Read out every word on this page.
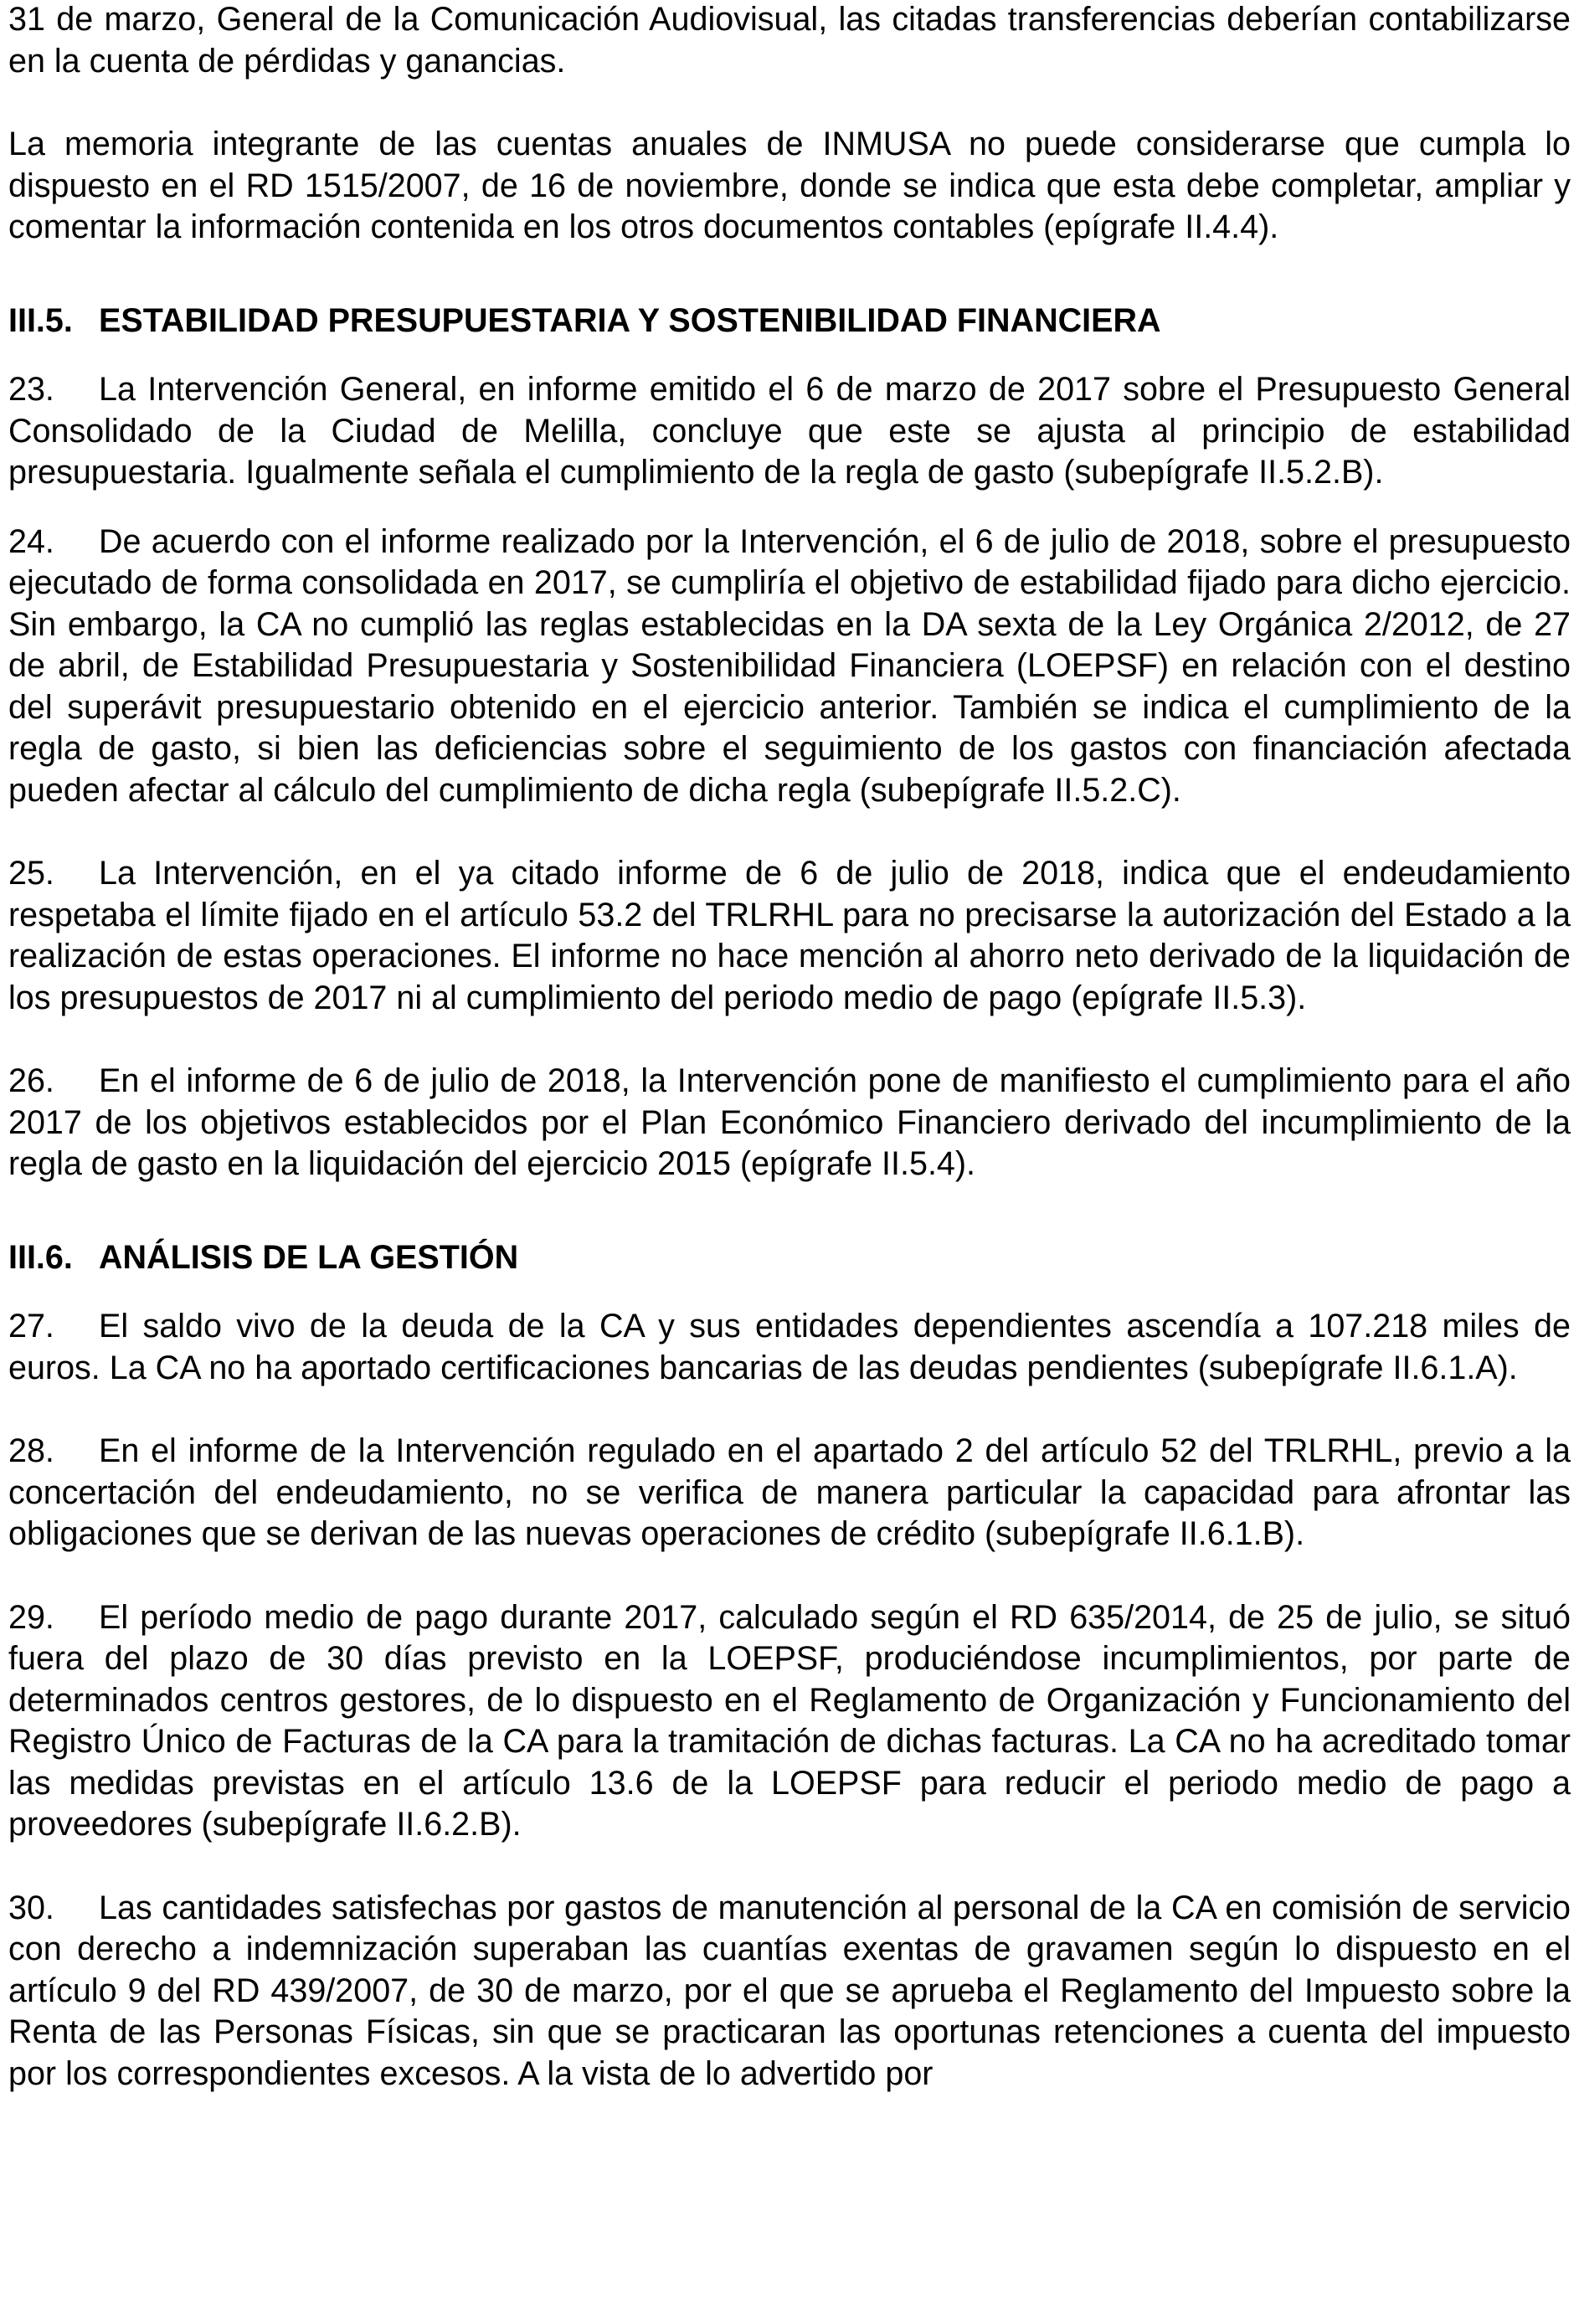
31 de marzo, General de la Comunicación Audiovisual, las citadas transferencias deberían contabilizarse en la cuenta de pérdidas y ganancias.

La memoria integrante de las cuentas anuales de INMUSA no puede considerarse que cumpla lo dispuesto en el RD 1515/2007, de 16 de noviembre, donde se indica que esta debe completar, ampliar y comentar la información contenida en los otros documentos contables (epígrafe II.4.4).

III.5. ESTABILIDAD PRESUPUESTARIA Y SOSTENIBILIDAD FINANCIERA

23. La Intervención General, en informe emitido el 6 de marzo de 2017 sobre el Presupuesto General Consolidado de la Ciudad de Melilla, concluye que este se ajusta al principio de estabilidad presupuestaria. Igualmente señala el cumplimiento de la regla de gasto (subepígrafe II.5.2.B).

24. De acuerdo con el informe realizado por la Intervención, el 6 de julio de 2018, sobre el presupuesto ejecutado de forma consolidada en 2017, se cumpliría el objetivo de estabilidad fijado para dicho ejercicio. Sin embargo, la CA no cumplió las reglas establecidas en la DA sexta de la Ley Orgánica 2/2012, de 27 de abril, de Estabilidad Presupuestaria y Sostenibilidad Financiera (LOEPSF) en relación con el destino del superávit presupuestario obtenido en el ejercicio anterior. También se indica el cumplimiento de la regla de gasto, si bien las deficiencias sobre el seguimiento de los gastos con financiación afectada pueden afectar al cálculo del cumplimiento de dicha regla (subepígrafe II.5.2.C).

25. La Intervención, en el ya citado informe de 6 de julio de 2018, indica que el endeudamiento respetaba el límite fijado en el artículo 53.2 del TRLRHL para no precisarse la autorización del Estado a la realización de estas operaciones. El informe no hace mención al ahorro neto derivado de la liquidación de los presupuestos de 2017 ni al cumplimiento del periodo medio de pago (epígrafe II.5.3).

26. En el informe de 6 de julio de 2018, la Intervención pone de manifiesto el cumplimiento para el año 2017 de los objetivos establecidos por el Plan Económico Financiero derivado del incumplimiento de la regla de gasto en la liquidación del ejercicio 2015 (epígrafe II.5.4).

III.6. ANÁLISIS DE LA GESTIÓN

27. El saldo vivo de la deuda de la CA y sus entidades dependientes ascendía a 107.218 miles de euros. La CA no ha aportado certificaciones bancarias de las deudas pendientes (subepígrafe II.6.1.A).

28. En el informe de la Intervención regulado en el apartado 2 del artículo 52 del TRLRHL, previo a la concertación del endeudamiento, no se verifica de manera particular la capacidad para afrontar las obligaciones que se derivan de las nuevas operaciones de crédito (subepígrafe II.6.1.B).

29. El período medio de pago durante 2017, calculado según el RD 635/2014, de 25 de julio, se situó fuera del plazo de 30 días previsto en la LOEPSF, produciéndose incumplimientos, por parte de determinados centros gestores, de lo dispuesto en el Reglamento de Organización y Funcionamiento del Registro Único de Facturas de la CA para la tramitación de dichas facturas. La CA no ha acreditado tomar las medidas previstas en el artículo 13.6 de la LOEPSF para reducir el periodo medio de pago a proveedores (subepígrafe II.6.2.B).

30. Las cantidades satisfechas por gastos de manutención al personal de la CA en comisión de servicio con derecho a indemnización superaban las cuantías exentas de gravamen según lo dispuesto en el artículo 9 del RD 439/2007, de 30 de marzo, por el que se aprueba el Reglamento del Impuesto sobre la Renta de las Personas Físicas, sin que se practicaran las oportunas retenciones a cuenta del impuesto por los correspondientes excesos. A la vista de lo advertido por
